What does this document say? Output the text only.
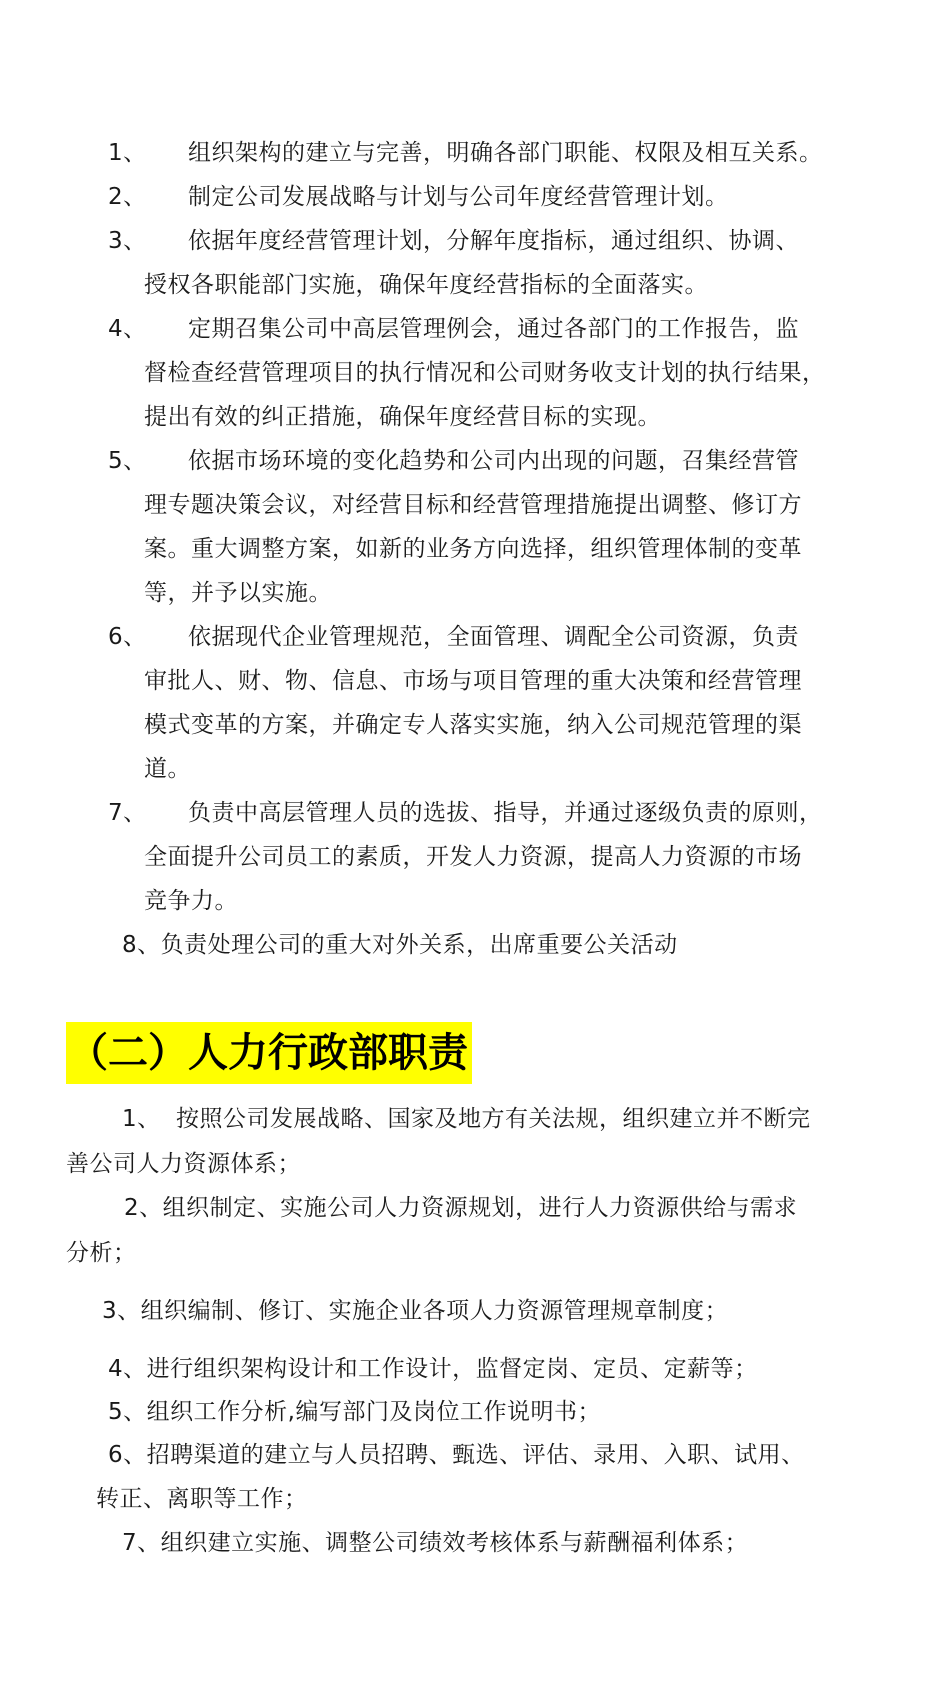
1、 组织架构的建立与完善，明确各部门职能、权限及相互关系。
2、 制定公司发展战略与计划与公司年度经营管理计划。
3、 依据年度经营管理计划，分解年度指标，通过组织、协调、
授权各职能部门实施，确保年度经营指标的全面落实。
4、 定期召集公司中高层管理例会，通过各部门的工作报告，监
督检查经营管理项目的执行情况和公司财务收支计划的执行结果，
提出有效的纠正措施，确保年度经营目标的实现。
5、 依据市场环境的变化趋势和公司内出现的问题，召集经营管
理专题决策会议，对经营目标和经营管理措施提出调整、修订方
案。重大调整方案，如新的业务方向选择，组织管理体制的变革
等，并予以实施。
6、 依据现代企业管理规范，全面管理、调配全公司资源，负责
审批人、财、物、信息、市场与项目管理的重大决策和经营管理
模式变革的方案，并确定专人落实实施，纳入公司规范管理的渠
道。
7、 负责中高层管理人员的选拔、指导，并通过逐级负责的原则，
全面提升公司员工的素质，开发人力资源，提高人力资源的市场
竞争力。
8、负责处理公司的重大对外关系，出席重要公关活动
（二）人力行政部职责
1、 按照公司发展战略、国家及地方有关法规，组织建立并不断完
善公司人力资源体系；
2、组织制定、实施公司人力资源规划，进行人力资源供给与需求
分析；
3、组织编制、修订、实施企业各项人力资源管理规章制度；
4、进行组织架构设计和工作设计，监督定岗、定员、定薪等；
5、组织工作分析,编写部门及岗位工作说明书；
6、招聘渠道的建立与人员招聘、甄选、评估、录用、入职、试用、
转正、离职等工作；
7、组织建立实施、调整公司绩效考核体系与薪酬福利体系；
